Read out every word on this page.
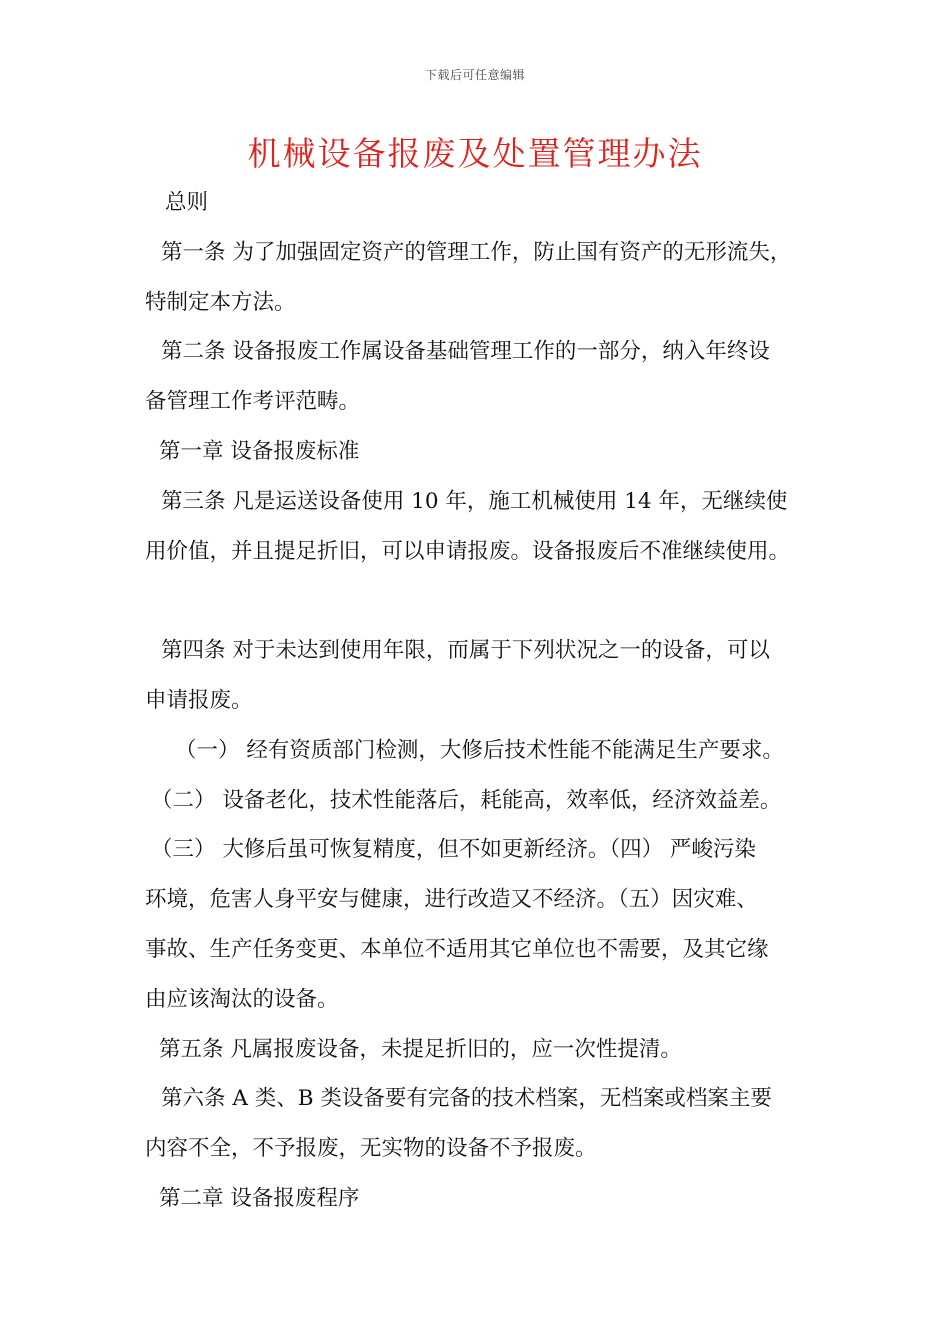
下载后可任意编辑
机械设备报废及处置管理办法
总则
第一条 为了加强固定资产的管理工作，防止国有资产的无形流失，
特制定本方法。
第二条 设备报废工作属设备基础管理工作的一部分，纳入年终设
备管理工作考评范畴。
第一章 设备报废标准
第三条 凡是运送设备使用 10 年，施工机械使用 14 年，无继续使
用价值，并且提足折旧，可以申请报废。设备报废后不准继续使用。
第四条 对于未达到使用年限，而属于下列状况之一的设备，可以
申请报废。
（一） 经有资质部门检测，大修后技术性能不能满足生产要求。
（二） 设备老化，技术性能落后，耗能高，效率低，经济效益差。
（三） 大修后虽可恢复精度，但不如更新经济。（四） 严峻污染
环境，危害人身平安与健康，进行改造又不经济。（五）因灾难、
事故、生产任务变更、本单位不适用其它单位也不需要，及其它缘
由应该淘汰的设备。
第五条 凡属报废设备，未提足折旧的，应一次性提清。
第六条 A 类、B 类设备要有完备的技术档案，无档案或档案主要
内容不全，不予报废，无实物的设备不予报废。
第二章 设备报废程序
